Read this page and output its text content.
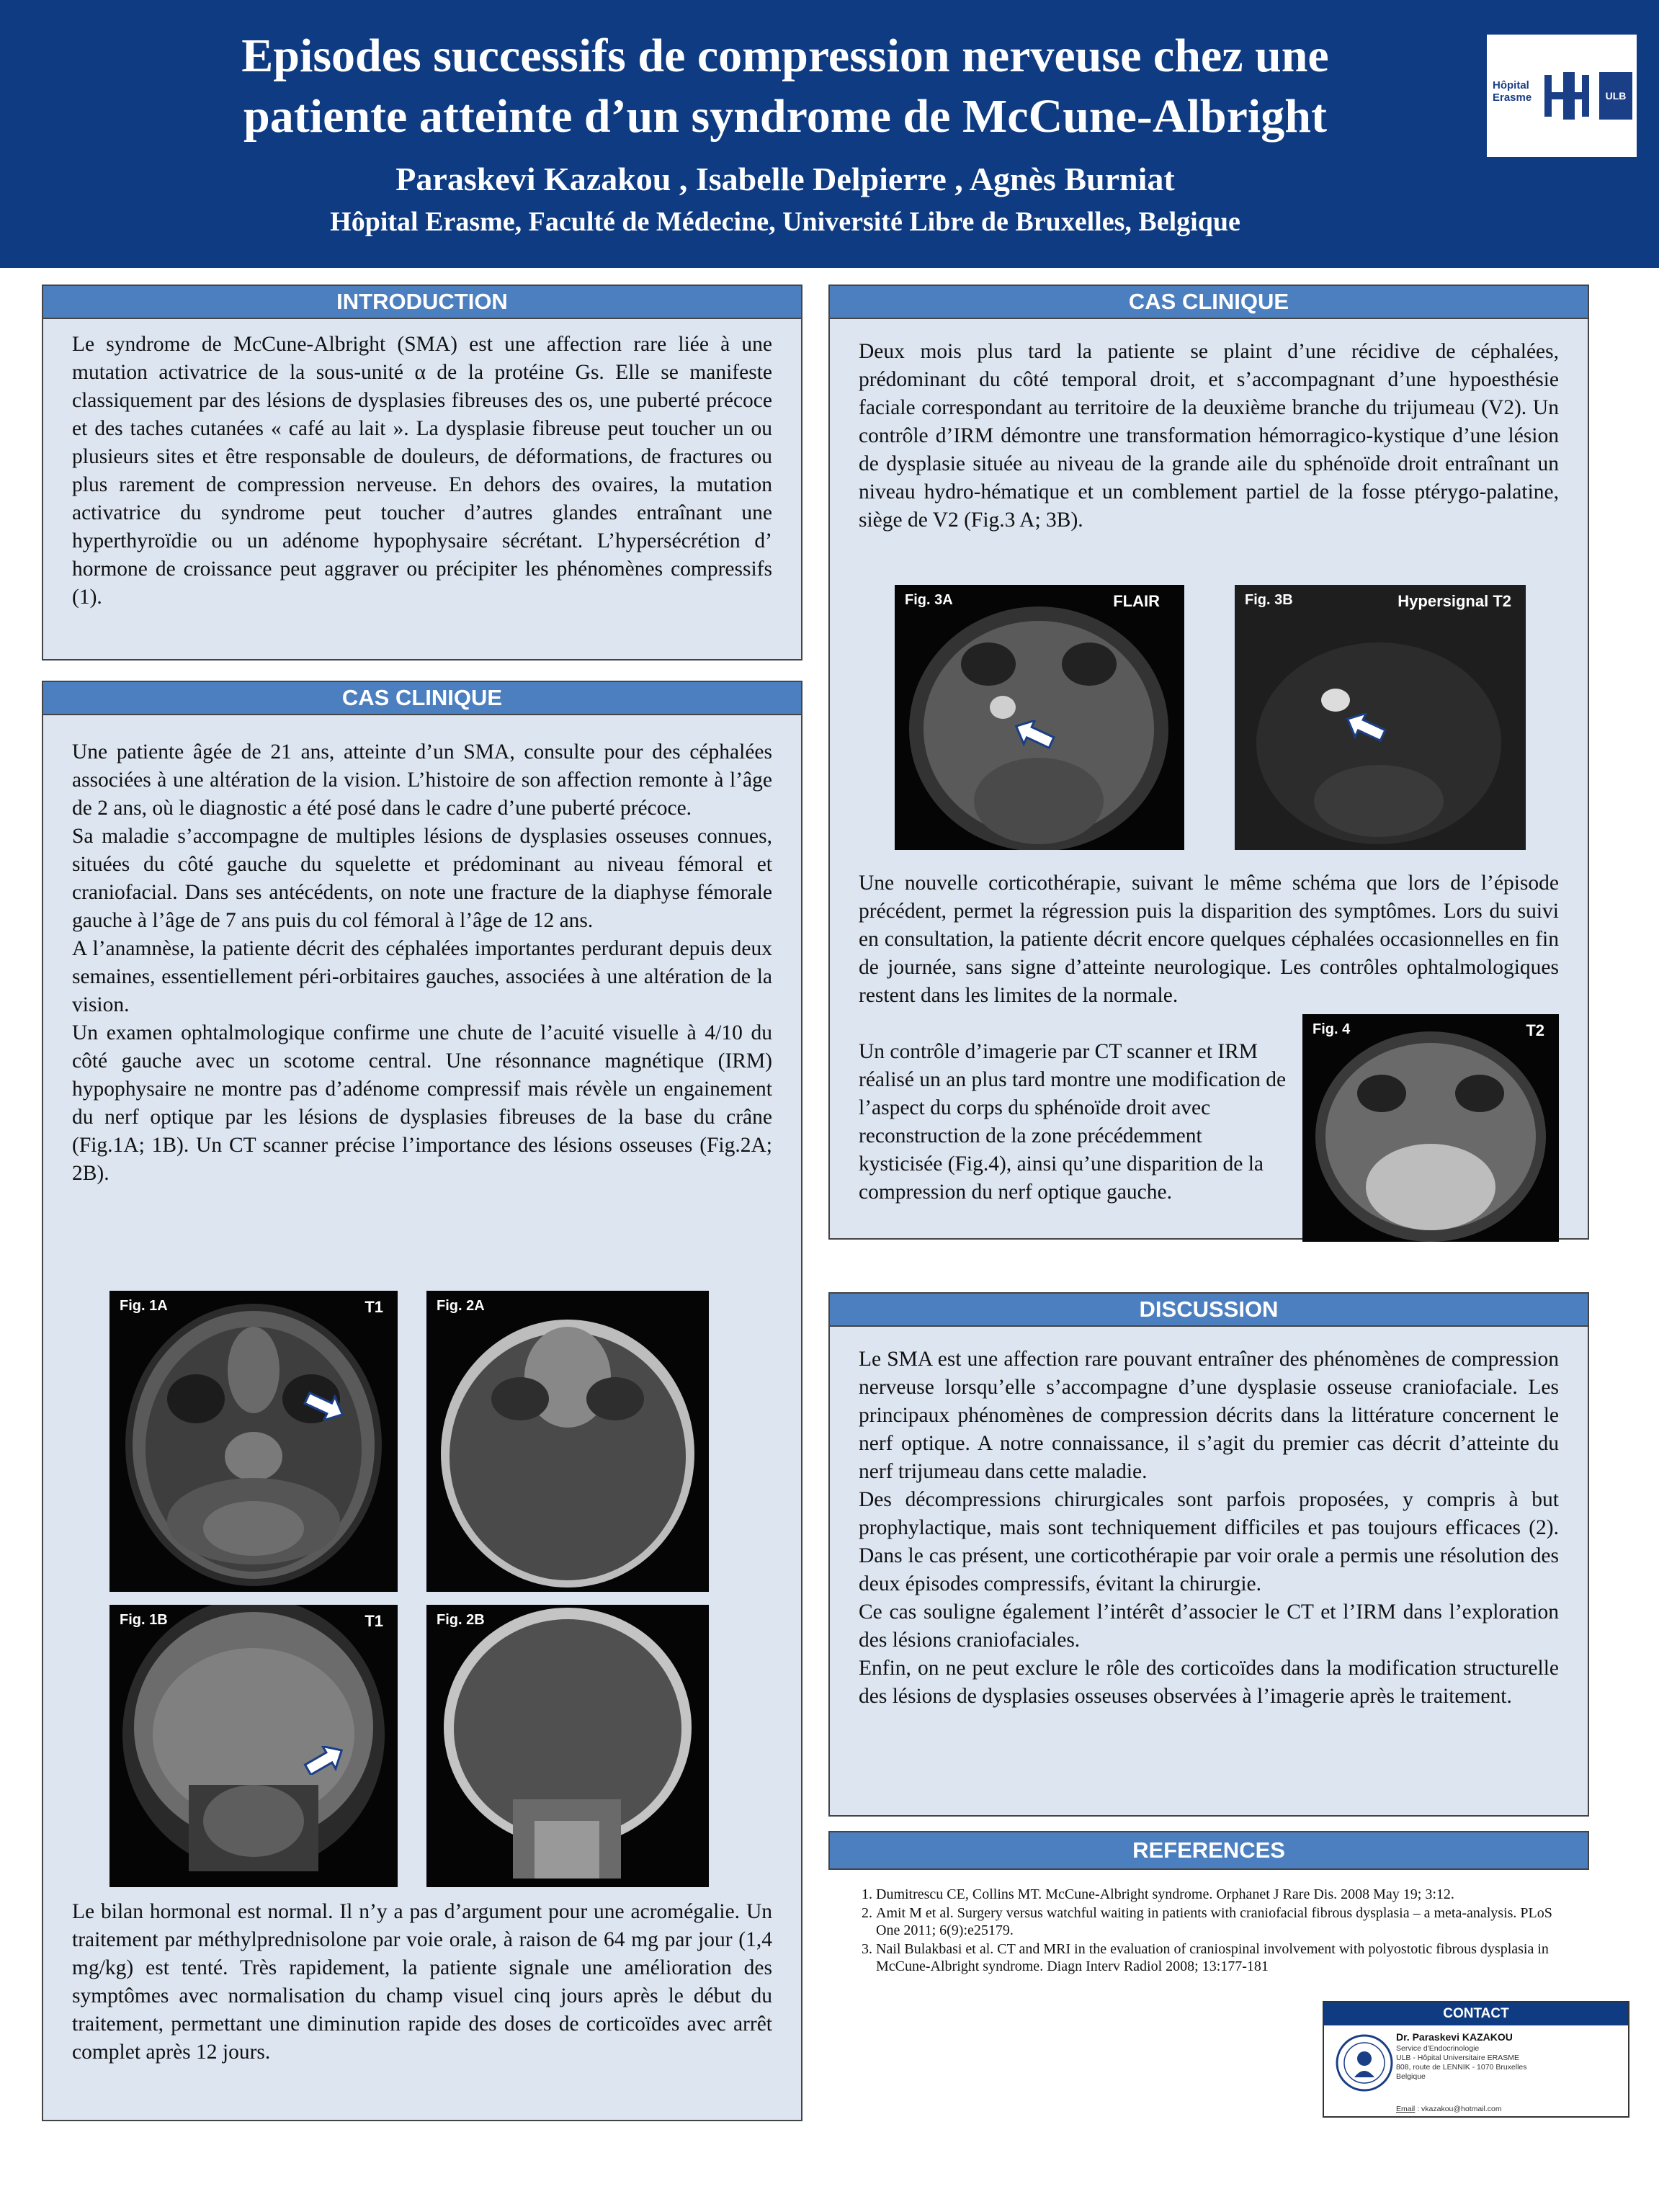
Episodes successifs de compression nerveuse chez une
patiente atteinte d’un syndrome de McCune-Albright
Paraskevi Kazakou , Isabelle Delpierre , Agnès Burniat
Hôpital Erasme, Faculté de Médecine, Université Libre de Bruxelles, Belgique
Hôpital
Erasme	ULB
INTRODUCTION
Le syndrome de McCune-Albright (SMA) est une affection rare liée à une mutation activatrice de la sous-unité α de la protéine Gs. Elle se manifeste classiquement par des lésions de dysplasies fibreuses des os, une puberté précoce et des taches cutanées « café au lait ». La dysplasie fibreuse peut toucher un ou plusieurs sites et être responsable de douleurs, de déformations, de fractures ou plus rarement de compression nerveuse. En dehors des ovaires, la mutation activatrice du syndrome peut toucher d’autres glandes entraînant une hyperthyroïdie ou un adénome hypophysaire sécrétant. L’hypersécrétion d’ hormone de croissance peut aggraver ou précipiter les phénomènes compressifs (1).
CAS CLINIQUE

Une patiente âgée de 21 ans, atteinte d’un SMA, consulte pour des céphalées associées à une altération de la vision. L’histoire de son affection remonte à l’âge de 2 ans, où le diagnostic a été posé dans le cadre d’une puberté précoce.

Sa maladie s’accompagne de multiples lésions de dysplasies osseuses connues, situées du côté gauche du squelette et prédominant au niveau fémoral et craniofacial. Dans ses antécédents, on note une fracture de la diaphyse fémorale gauche à l’âge de 7 ans puis du col fémoral à l’âge de 12 ans.

A l’anamnèse, la patiente décrit des céphalées importantes perdurant depuis deux semaines, essentiellement péri-orbitaires gauches, associées à une altération de la vision.

Un examen ophtalmologique confirme une chute de l’acuité visuelle à 4/10 du côté gauche avec un scotome central. Une résonnance magnétique (IRM) hypophysaire ne montre pas d’adénome compressif mais révèle un engainement du nerf optique par les lésions de dysplasies fibreuses de la base du crâne (Fig.1A; 1B). Un CT scanner précise l’importance des lésions osseuses (Fig.2A; 2B).

Le bilan hormonal est normal. Il n’y a pas d’argument pour une acromégalie. Un traitement par méthylprednisolone par voie orale, à raison de 64 mg par jour (1,4 mg/kg) est tenté. Très rapidement, la patiente signale une amélioration des symptômes avec normalisation du champ visuel cinq jours après le début du traitement, permettant une diminution rapide des doses de corticoïdes avec arrêt complet après 12 jours.

Fig. 1A	T1	Fig. 2A
Fig. 1B	T1	Fig. 2B
CAS CLINIQUE
Deux mois plus tard la patiente se plaint d’une récidive de céphalées, prédominant du côté temporal droit, et s’accompagnant d’une hypoesthésie faciale correspondant au territoire de la deuxième branche du trijumeau (V2). Un contrôle d’IRM démontre une transformation hémorragico-kystique d’une lésion de dysplasie située au niveau de la grande aile du sphénoïde droit entraînant un niveau hydro-hématique et un comblement partiel de la fosse ptérygo-palatine, siège de V2 (Fig.3 A; 3B).
Une nouvelle corticothérapie, suivant le même schéma que lors de l’épisode précédent, permet la régression puis la disparition des symptômes. Lors du suivi en consultation, la patiente décrit encore quelques céphalées occasionnelles en fin de journée, sans signe d’atteinte neurologique. Les contrôles ophtalmologiques restent dans les limites de la normale.
Un contrôle d’imagerie par CT scanner et IRM réalisé un an plus tard montre une modification de l’aspect du corps du sphénoïde droit avec reconstruction de la zone précédemment kysticisée (Fig.4), ainsi qu’une disparition de la compression du nerf optique gauche.
Fig. 3A	FLAIR	Fig. 3B	Hypersignal T2
Fig. 4	T2
DISCUSSION

Le SMA est une affection rare pouvant entraîner des phénomènes de compression nerveuse lorsqu’elle s’accompagne d’une dysplasie osseuse craniofaciale. Les principaux phénomènes de compression décrits dans la littérature concernent le nerf optique. A notre connaissance, il s’agit du premier cas décrit d’atteinte du nerf trijumeau dans cette maladie.

Des décompressions chirurgicales sont parfois proposées, y compris à but prophylactique, mais sont techniquement difficiles et pas toujours efficaces (2). Dans le cas présent, une corticothérapie par voir orale a permis une résolution des deux épisodes compressifs, évitant la chirurgie.

Ce cas souligne également l’intérêt d’associer le CT et l’IRM dans l’exploration des lésions craniofaciales.

Enfin, on ne peut exclure le rôle des corticoïdes dans la modification structurelle des lésions de dysplasies osseuses observées à l’imagerie après le traitement.

REFERENCES
1. Dumitrescu CE, Collins MT. McCune-Albright syndrome. Orphanet J Rare Dis. 2008 May 19; 3:12.
2. Amit M et al. Surgery versus watchful waiting in patients with craniofacial fibrous dysplasia – a meta-analysis. PLoS One 2011; 6(9):e25179.
3. Nail Bulakbasi et al. CT and MRI in the evaluation of craniospinal involvement with polyostotic fibrous dysplasia in McCune-Albright syndrome. Diagn Interv Radiol 2008; 13:177-181
CONTACT
Dr. Paraskevi KAZAKOU
Service d'Endocrinologie
ULB - Hôpital Universitaire ERASME
808, route de LENNIK - 1070 Bruxelles
Belgique
Email : vkazakou@hotmail.com
